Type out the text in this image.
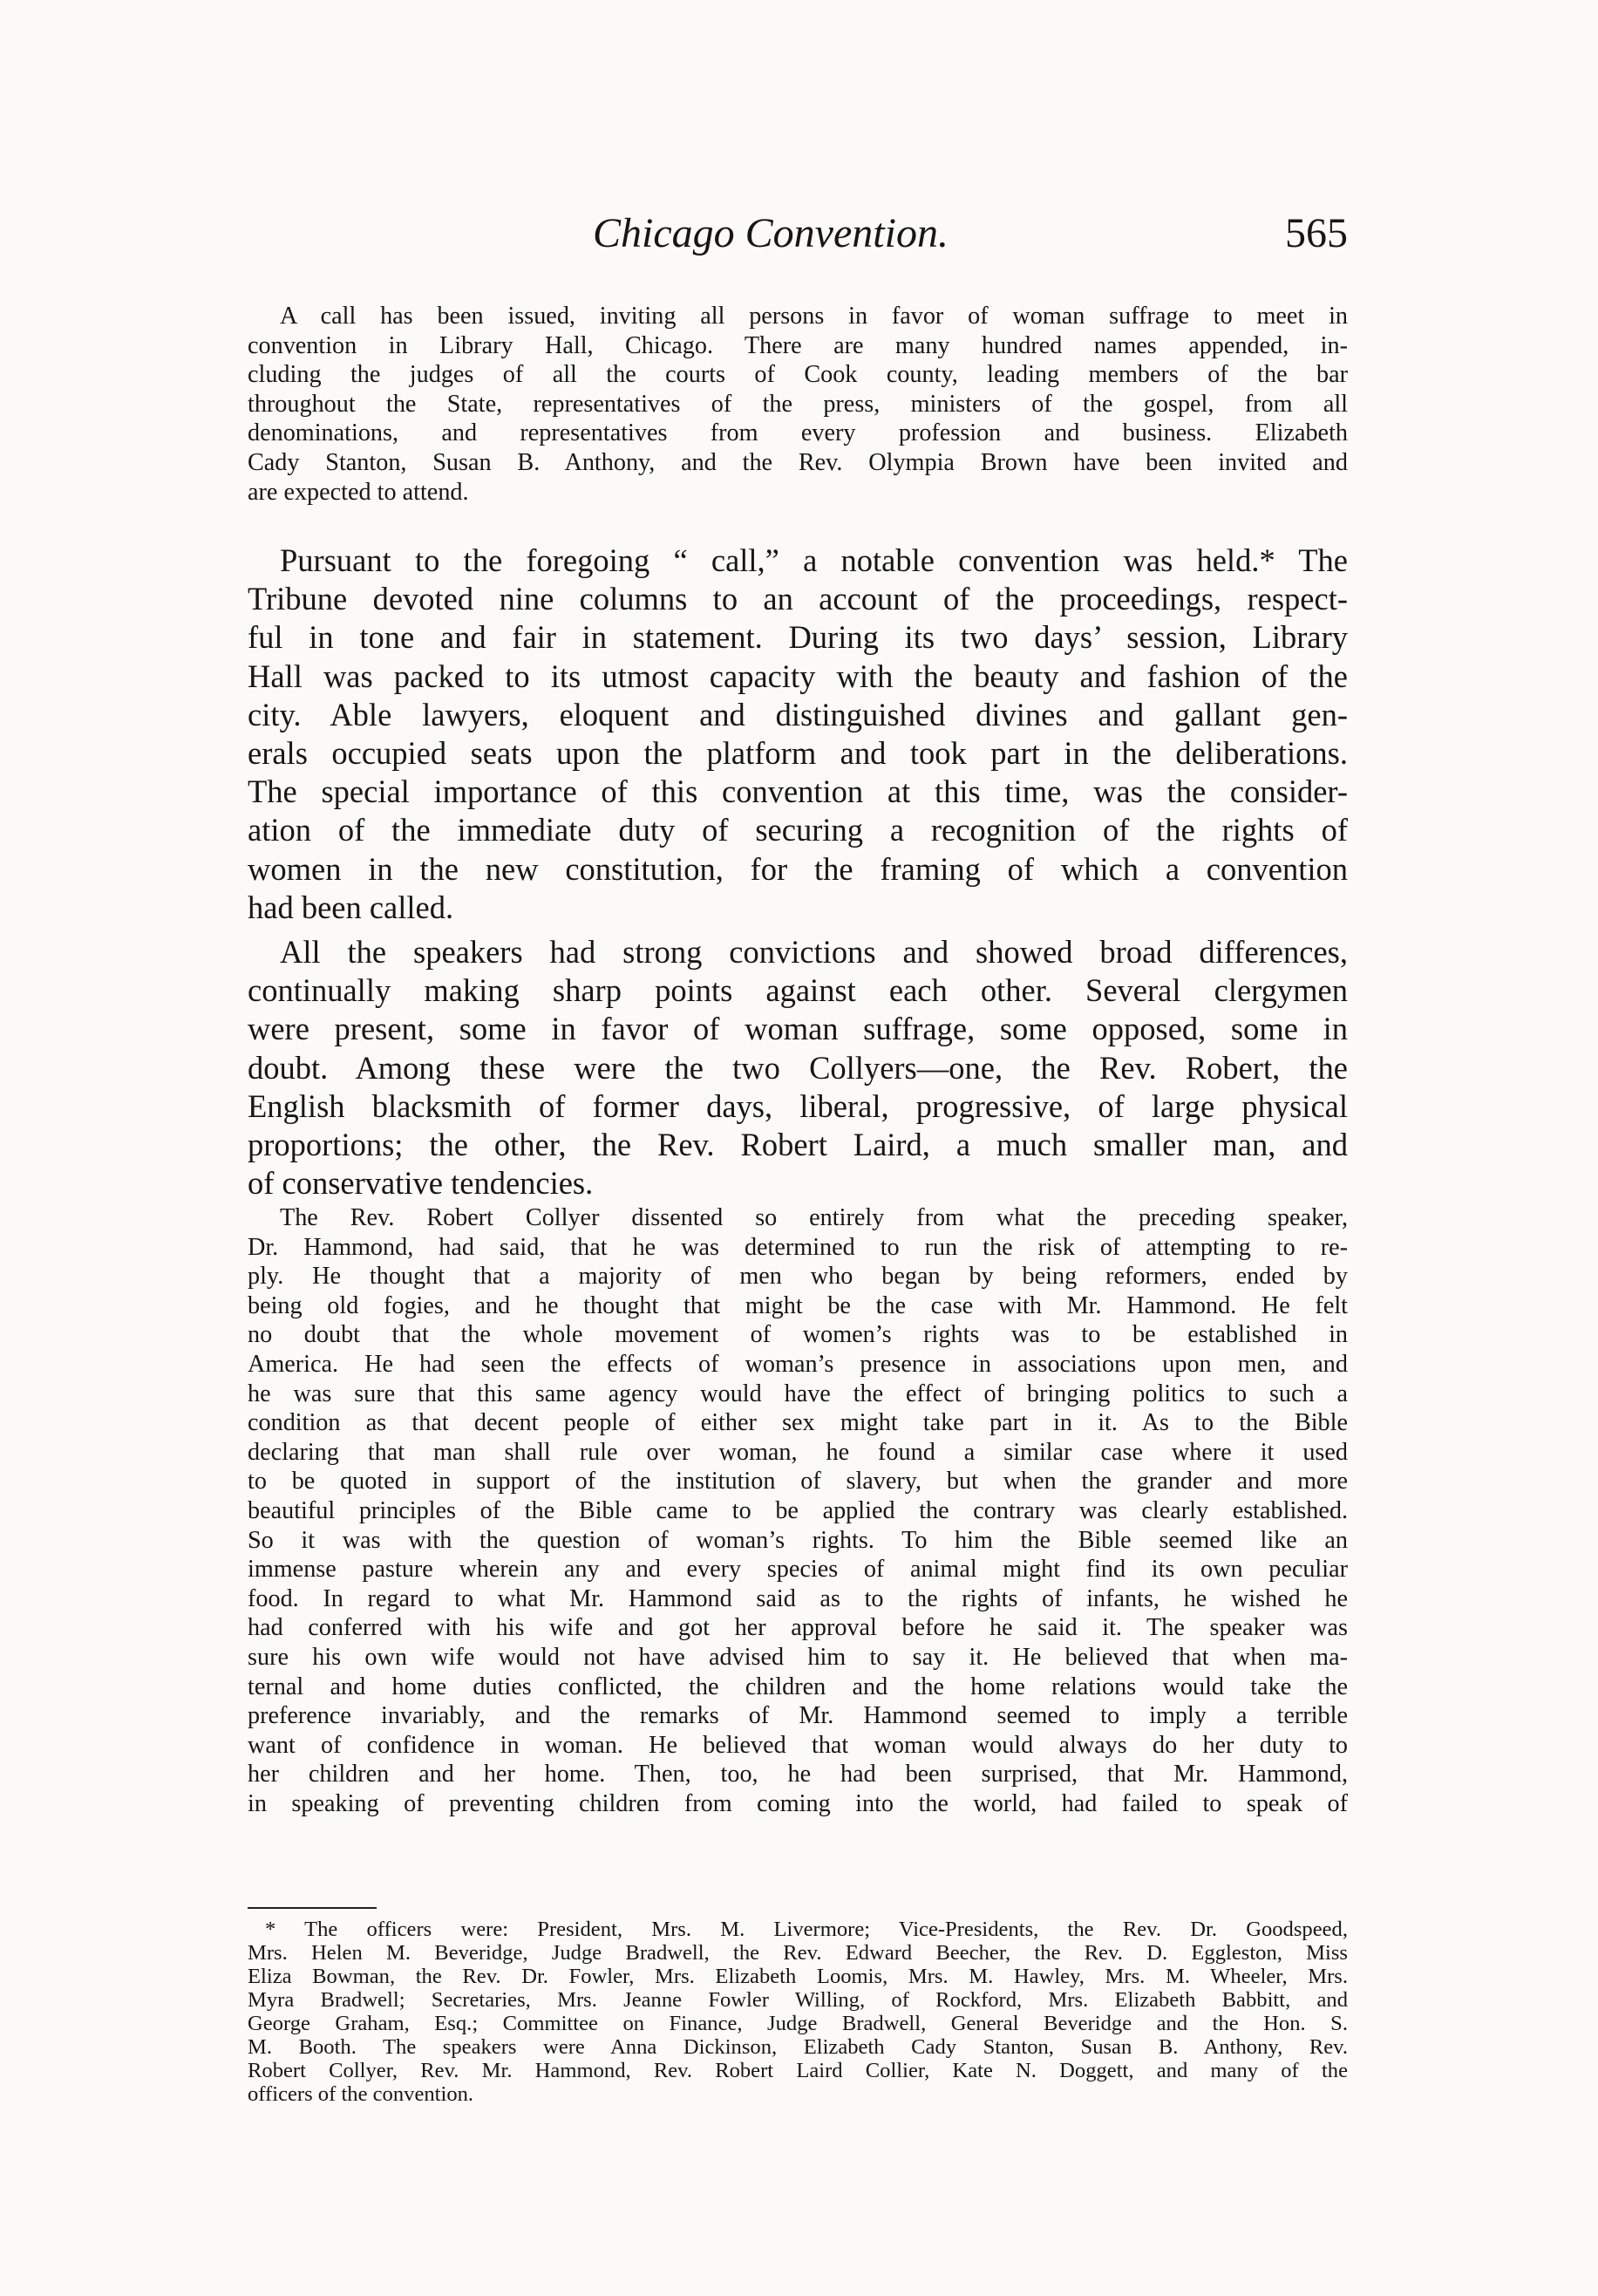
Chicago Convention.	565
A call has been issued, inviting all persons in favor of woman suffrage to meet in
convention in Library Hall, Chicago. There are many hundred names appended, in-
cluding the judges of all the courts of Cook county, leading members of the bar
throughout the State, representatives of the press, ministers of the gospel, from all
denominations, and representatives from every profession and business. Elizabeth
Cady Stanton, Susan B. Anthony, and the Rev. Olympia Brown have been invited and
are expected to attend.
Pursuant to the foregoing “ call,” a notable convention was held.* The
Tribune devoted nine columns to an account of the proceedings, respect-
ful in tone and fair in statement. During its two days’ session, Library
Hall was packed to its utmost capacity with the beauty and fashion of the
city. Able lawyers, eloquent and distinguished divines and gallant gen-
erals occupied seats upon the platform and took part in the deliberations.
The special importance of this convention at this time, was the consider-
ation of the immediate duty of securing a recognition of the rights of
women in the new constitution, for the framing of which a convention
had been called.
All the speakers had strong convictions and showed broad differences,
continually making sharp points against each other. Several clergymen
were present, some in favor of woman suffrage, some opposed, some in
doubt. Among these were the two Collyers—one, the Rev. Robert, the
English blacksmith of former days, liberal, progressive, of large physical
proportions; the other, the Rev. Robert Laird, a much smaller man, and
of conservative tendencies.
The Rev. Robert Collyer dissented so entirely from what the preceding speaker,
Dr. Hammond, had said, that he was determined to run the risk of attempting to re-
ply. He thought that a majority of men who began by being reformers, ended by
being old fogies, and he thought that might be the case with Mr. Hammond. He felt
no doubt that the whole movement of women’s rights was to be established in
America. He had seen the effects of woman’s presence in associations upon men, and
he was sure that this same agency would have the effect of bringing politics to such a
condition as that decent people of either sex might take part in it. As to the Bible
declaring that man shall rule over woman, he found a similar case where it used
to be quoted in support of the institution of slavery, but when the grander and more
beautiful principles of the Bible came to be applied the contrary was clearly established.
So it was with the question of woman’s rights. To him the Bible seemed like an
immense pasture wherein any and every species of animal might find its own peculiar
food. In regard to what Mr. Hammond said as to the rights of infants, he wished he
had conferred with his wife and got her approval before he said it. The speaker was
sure his own wife would not have advised him to say it. He believed that when ma-
ternal and home duties conflicted, the children and the home relations would take the
preference invariably, and the remarks of Mr. Hammond seemed to imply a terrible
want of confidence in woman. He believed that woman would always do her duty to
her children and her home. Then, too, he had been surprised, that Mr. Hammond,
in speaking of preventing children from coming into the world, had failed to speak of
* The officers were: President, Mrs. M. Livermore; Vice-Presidents, the Rev. Dr. Goodspeed,
Mrs. Helen M. Beveridge, Judge Bradwell, the Rev. Edward Beecher, the Rev. D. Eggleston, Miss
Eliza Bowman, the Rev. Dr. Fowler, Mrs. Elizabeth Loomis, Mrs. M. Hawley, Mrs. M. Wheeler, Mrs.
Myra Bradwell; Secretaries, Mrs. Jeanne Fowler Willing, of Rockford, Mrs. Elizabeth Babbitt, and
George Graham, Esq.; Committee on Finance, Judge Bradwell, General Beveridge and the Hon. S.
M. Booth. The speakers were Anna Dickinson, Elizabeth Cady Stanton, Susan B. Anthony, Rev.
Robert Collyer, Rev. Mr. Hammond, Rev. Robert Laird Collier, Kate N. Doggett, and many of the
officers of the convention.
